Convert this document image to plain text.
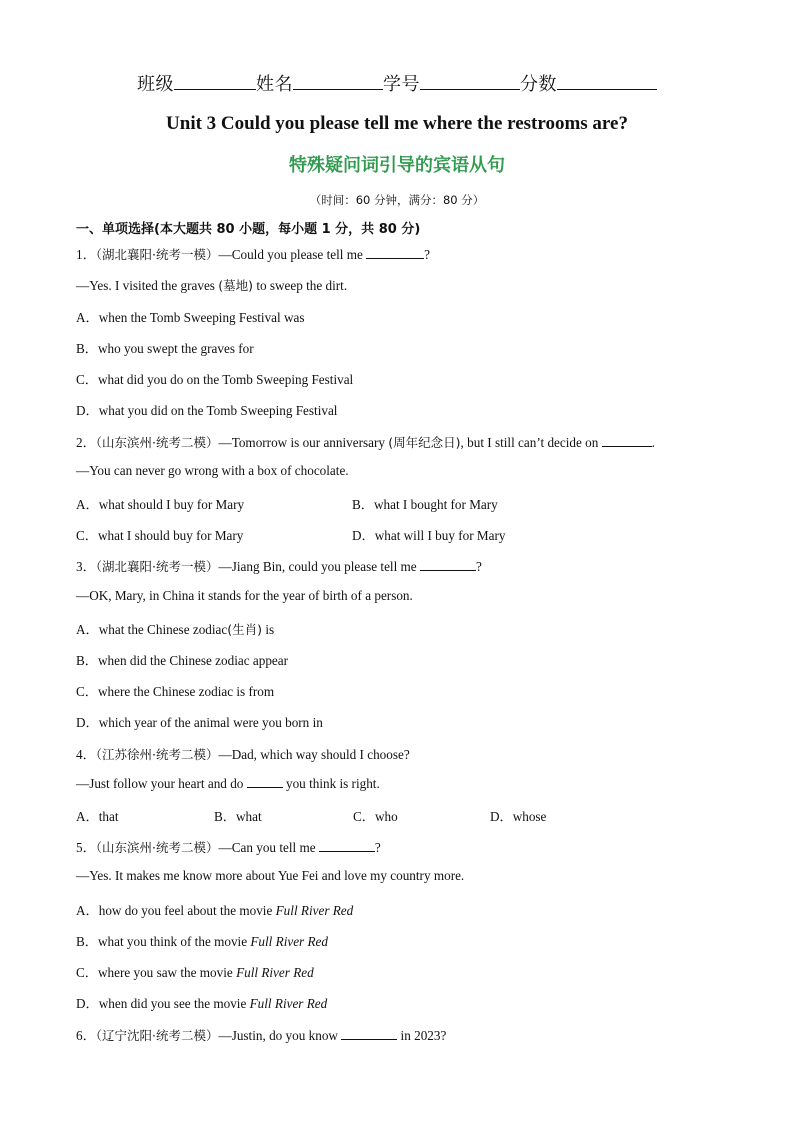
班级	姓名	学号	分数
Unit 3 Could you please tell me where the restrooms are?
特殊疑问词引导的宾语从句
（时间：60 分钟，满分：80 分）
一、单项选择(本大题共 80 小题，每小题 1 分，共 80 分)
1．（湖北襄阳·统考一模）—Could you please tell me	?
—Yes. I visited the graves (墓地) to sweep the dirt.
A．when the Tomb Sweeping Festival was
B．who you swept the graves for
C．what did you do on the Tomb Sweeping Festival
D．what you did on the Tomb Sweeping Festival
2．（山东滨州·统考二模）—Tomorrow is our anniversary (周年纪念日), but I still can’t decide on	.
—You can never go wrong with a box of chocolate.
A．what should I buy for Mary	B．what I bought for Mary
C．what I should buy for Mary	D．what will I buy for Mary
3．（湖北襄阳·统考一模）—Jiang Bin, could you please tell me	?
—OK, Mary, in China it stands for the year of birth of a person.
A．what the Chinese zodiac(生肖) is
B．when did the Chinese zodiac appear
C．where the Chinese zodiac is from
D．which year of the animal were you born in
4．（江苏徐州·统考二模）—Dad, which way should I choose?
—Just follow your heart and do	you think is right.
A．that	B．what	C．who	D．whose
5．（山东滨州·统考二模）—Can you tell me	?
—Yes. It makes me know more about Yue Fei and love my country more.
A．how do you feel about the movie Full River Red
B．what you think of the movie Full River Red
C．where you saw the movie Full River Red
D．when did you see the movie Full River Red
6．（辽宁沈阳·统考二模）—Justin, do you know	in 2023?
